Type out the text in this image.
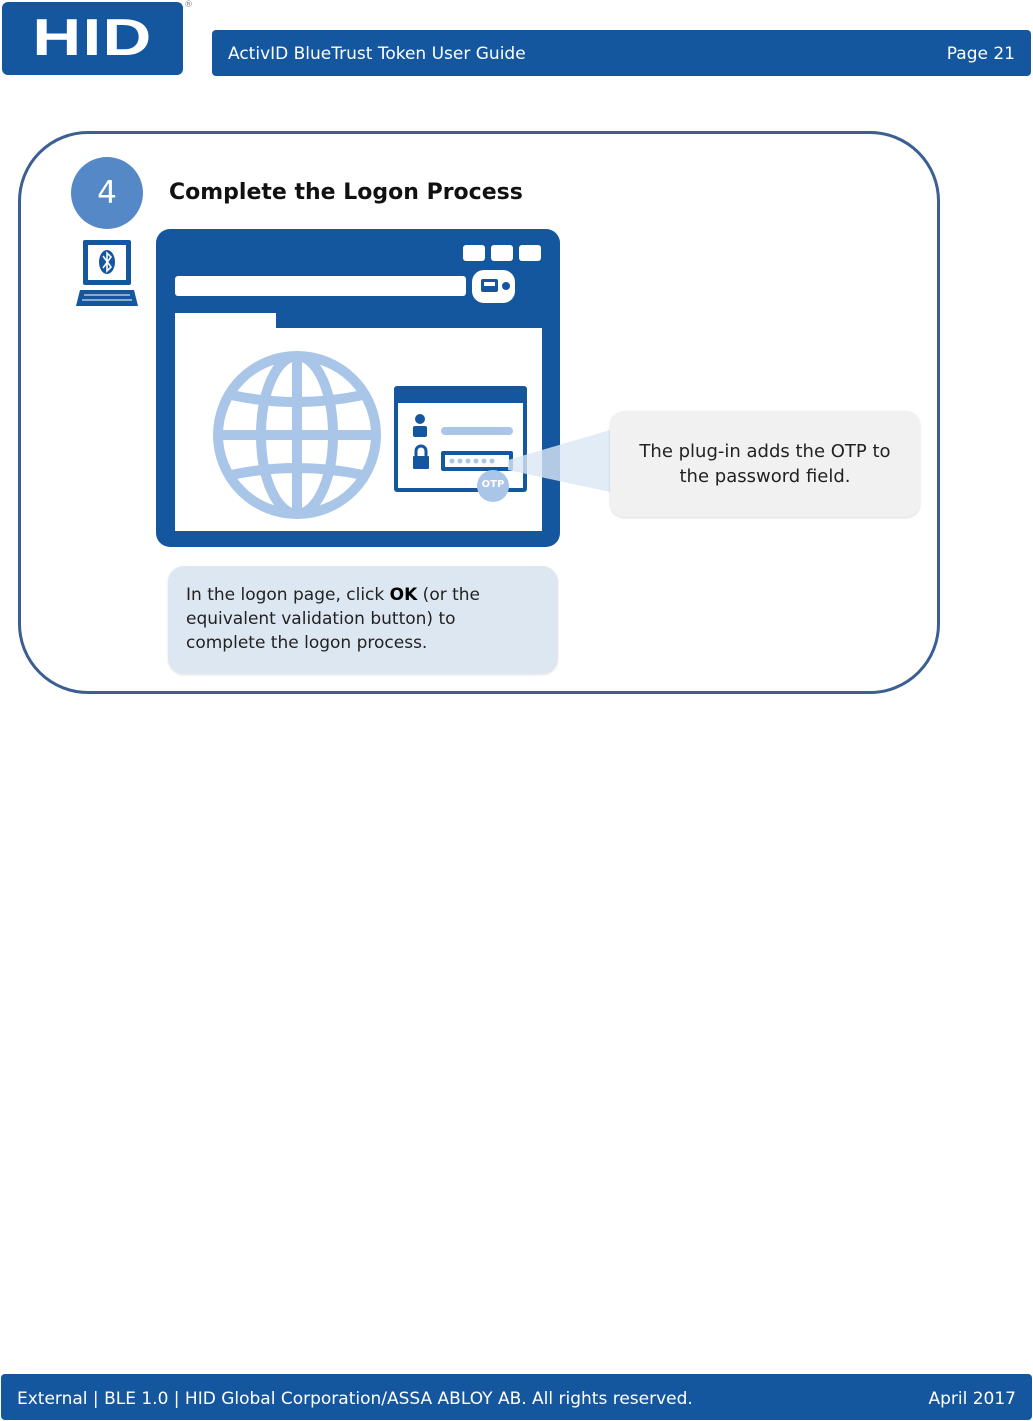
HID
®
ActivID BlueTrust Token User Guide	Page 21
4	Complete the Logon Process
OTP
The plug-in adds the OTP to the password field.
In the logon page, click OK (or the equivalent validation button) to complete the logon process.
External | BLE 1.0 | HID Global Corporation/ASSA ABLOY AB. All rights reserved.	April 2017
